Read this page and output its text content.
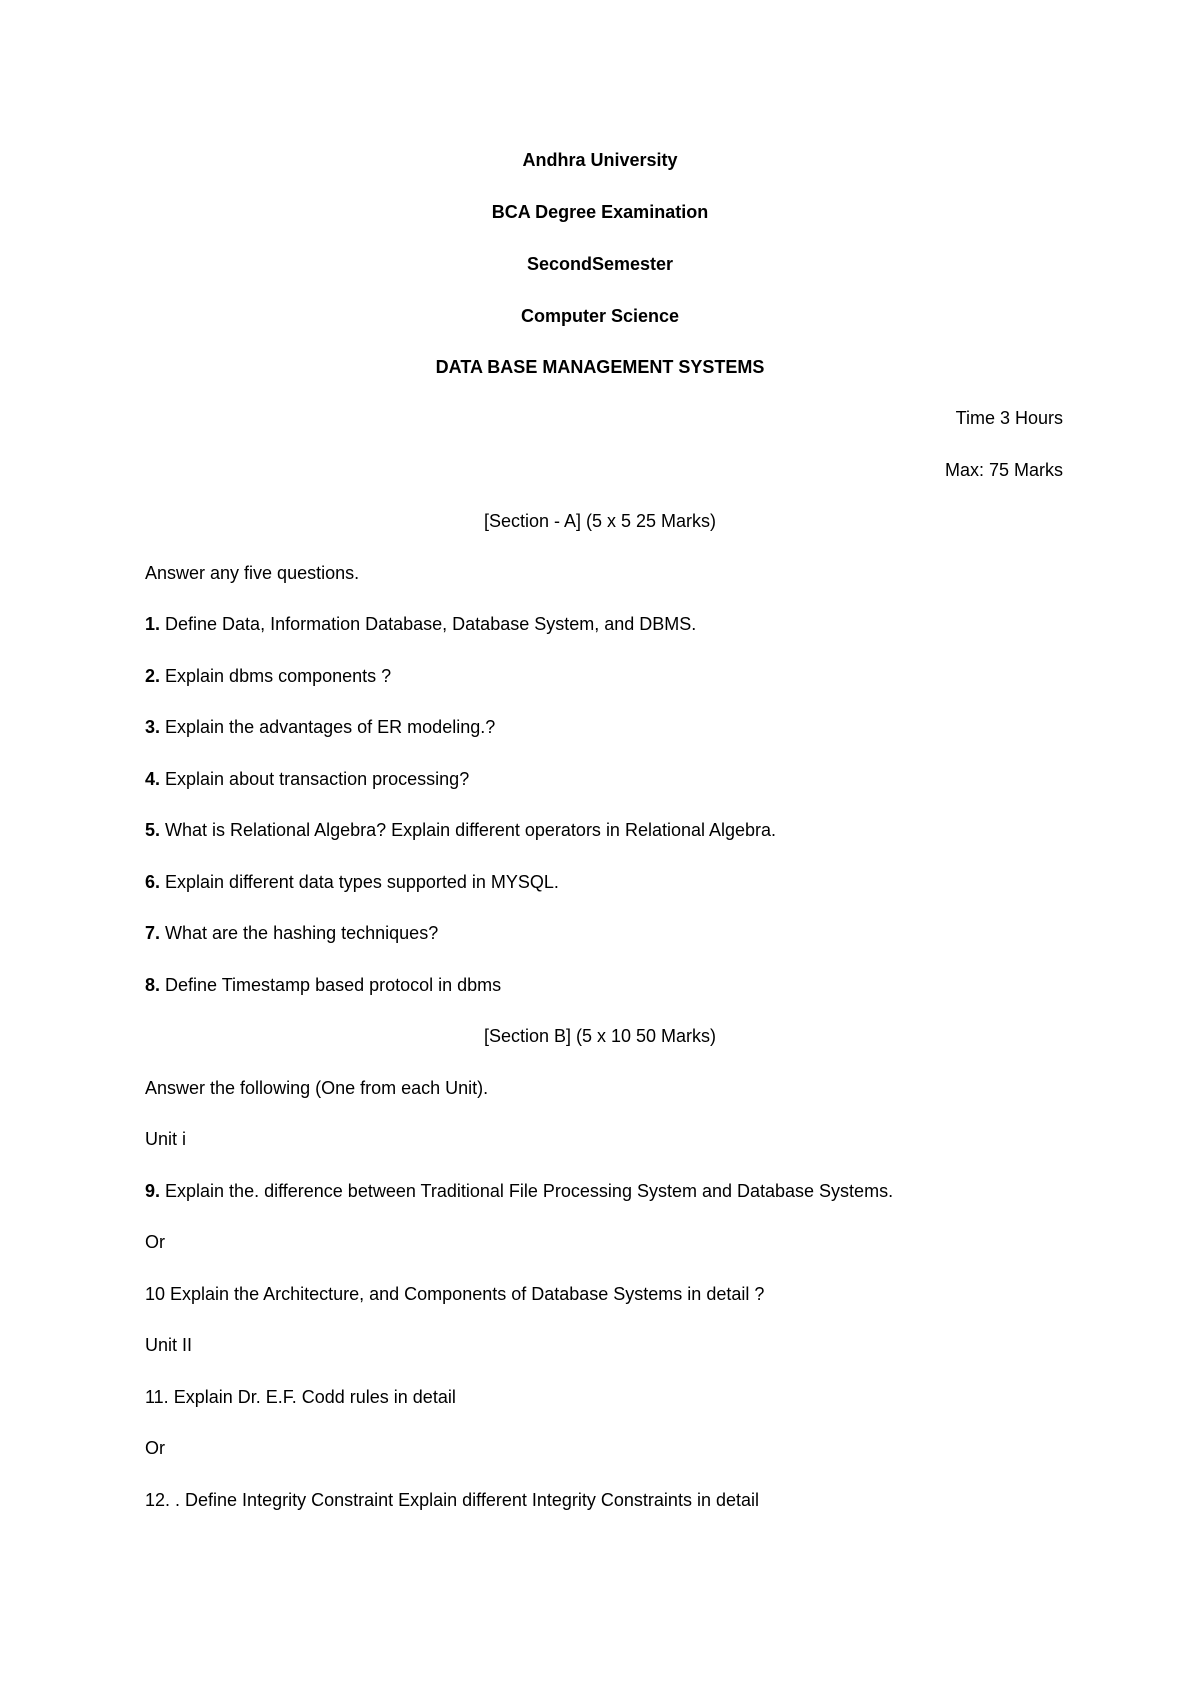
Andhra University
BCA Degree Examination
SecondSemester
Computer Science
DATA BASE MANAGEMENT SYSTEMS
Time 3 Hours
Max: 75 Marks
[Section - A] (5 x 5 25 Marks)
Answer any five questions.
1. Define Data, Information Database, Database System, and DBMS.
2. Explain dbms components ?
3. Explain the advantages of ER modeling.?
4. Explain about transaction processing?
5. What is Relational Algebra? Explain different operators in Relational Algebra.
6. Explain different data types supported in MYSQL.
7. What are the hashing techniques?
8. Define Timestamp based protocol in dbms
[Section B] (5 x 10 50 Marks)
Answer the following (One from each Unit).
Unit i
9. Explain the. difference between Traditional File Processing System and Database Systems.
Or
10 Explain the Architecture, and Components of Database Systems in detail ?
Unit II
11. Explain Dr. E.F. Codd rules in detail
Or
12. . Define Integrity Constraint Explain different Integrity Constraints in detail
